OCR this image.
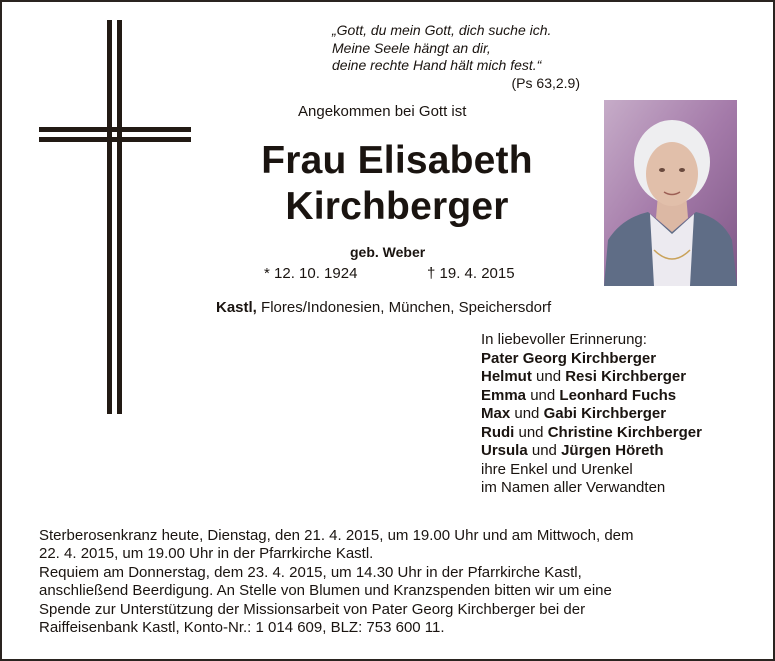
„Gott, du mein Gott, dich suche ich.
Meine Seele hängt an dir,
deine rechte Hand hält mich fest.“
(Ps 63,2.9)
Angekommen bei Gott ist
Frau Elisabeth
Kirchberger
geb. Weber
* 12. 10. 1924	† 19. 4. 2015
Kastl, Flores/Indonesien, München, Speichersdorf
In liebevoller Erinnerung:
Pater Georg Kirchberger
Helmut und Resi Kirchberger
Emma und Leonhard Fuchs
Max und Gabi Kirchberger
Rudi und Christine Kirchberger
Ursula und Jürgen Höreth
ihre Enkel und Urenkel
im Namen aller Verwandten
Sterberosenkranz heute, Dienstag, den 21. 4. 2015, um 19.00 Uhr und am Mittwoch, dem
22. 4. 2015, um 19.00 Uhr in der Pfarrkirche Kastl.
Requiem am Donnerstag, dem 23. 4. 2015, um 14.30 Uhr in der Pfarrkirche Kastl,
anschließend Beerdigung. An Stelle von Blumen und Kranzspenden bitten wir um eine
Spende zur Unterstützung der Missionsarbeit von Pater Georg Kirchberger bei der
Raiffeisenbank Kastl, Konto-Nr.: 1 014 609, BLZ: 753 600 11.
